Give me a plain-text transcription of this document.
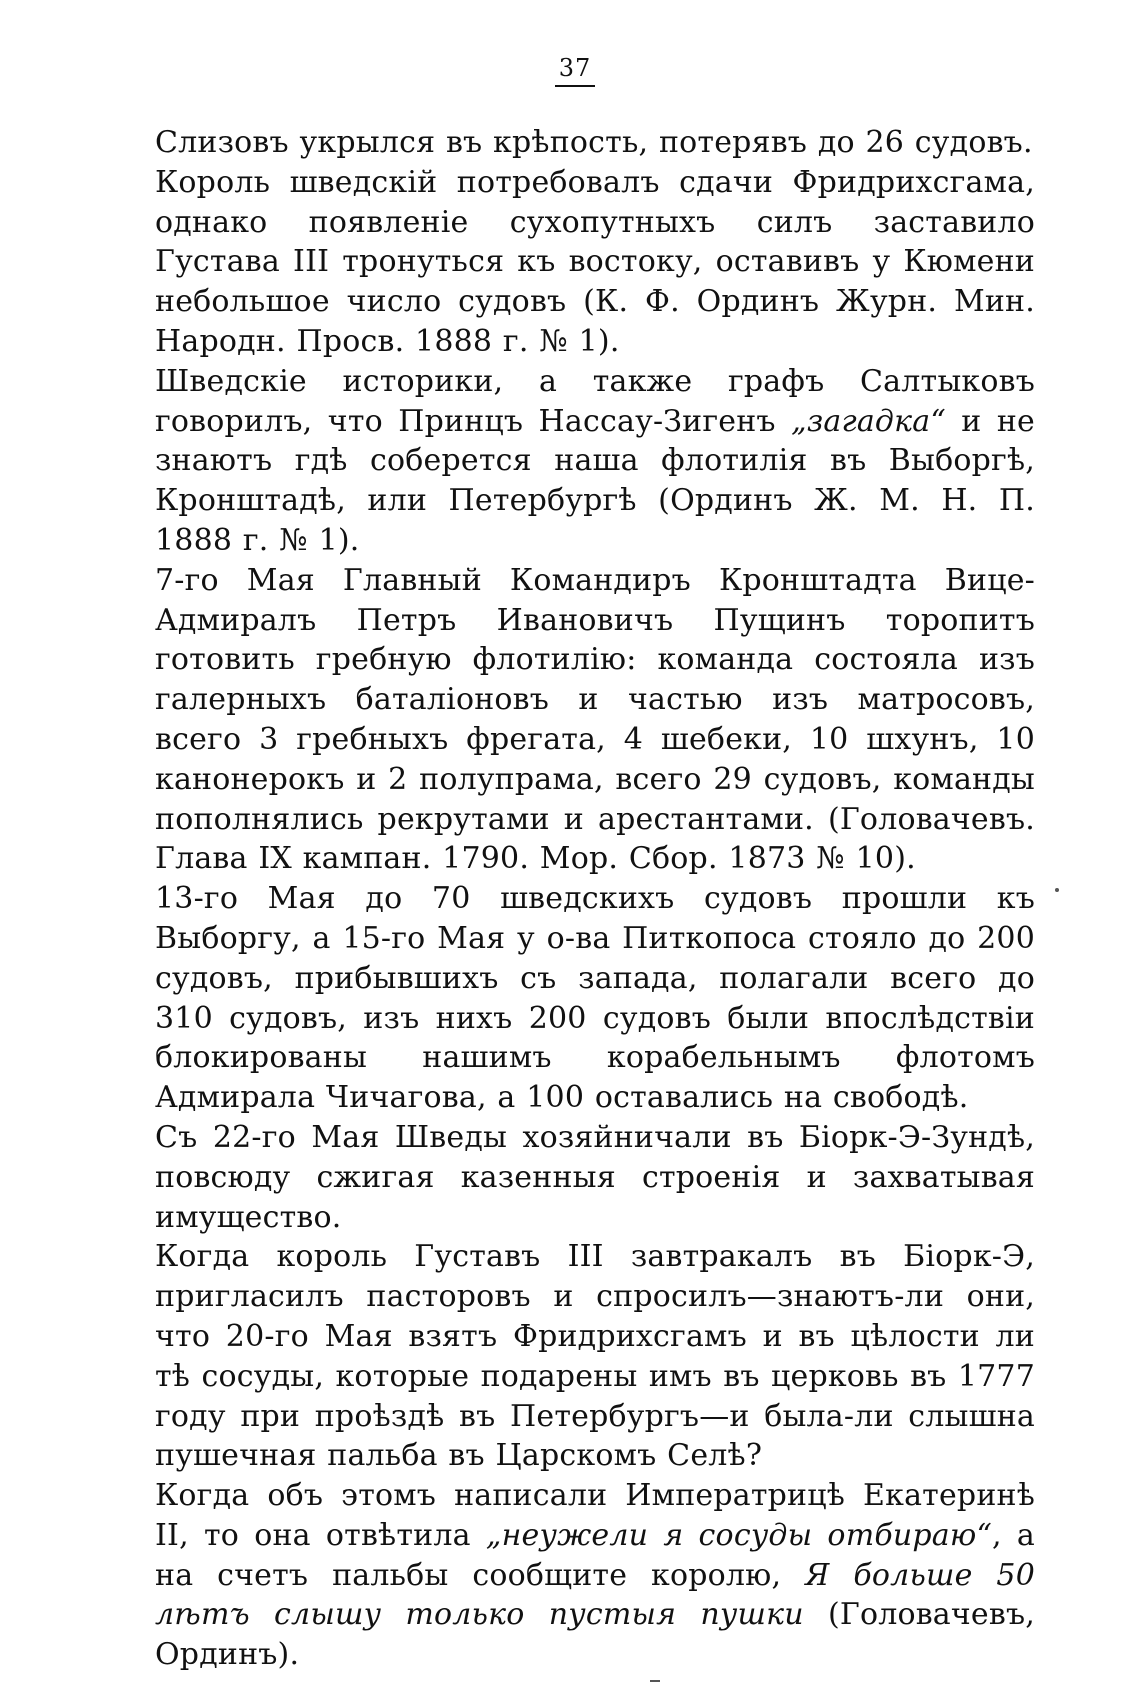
37

Слизовъ укрылся въ крѣпость, потерявъ до 26 судовъ.

Король шведскій потребовалъ сдачи Фридрихсгама, однако появленіе сухопутныхъ силъ заставило Густава III тронуться къ востоку, оставивъ у Кюмени небольшое число судовъ (К. Ф. Ординъ Журн. Мин. Народн. Просв. 1888 г. № 1).

Шведскіе историки, а также графъ Салтыковъ говорилъ, что Принцъ Нассау-Зигенъ „загадка“ и не знаютъ гдѣ соберется наша флотилія въ Выборгѣ, Кронштадѣ, или Петербургѣ (Ординъ Ж. М. Н. П. 1888 г. № 1).

7-го Мая Главный Командиръ Кронштадта Вице-Адмиралъ Петръ Ивановичъ Пущинъ торопитъ готовить гребную флотилію: команда состояла изъ галерныхъ баталіоновъ и частью изъ матросовъ, всего 3 гребныхъ фрегата, 4 шебеки, 10 шхунъ, 10 канонерокъ и 2 полупрама, всего 29 судовъ, команды пополнялись рекрутами и арестантами. (Головачевъ. Глава IX кампан. 1790. Мор. Сбор. 1873 № 10).

13-го Мая до 70 шведскихъ судовъ прошли къ Выборгу, а 15-го Мая у о-ва Питкопоса стояло до 200 судовъ, прибывшихъ съ запада, полагали всего до 310 судовъ, изъ нихъ 200 судовъ были впослѣдствіи блокированы нашимъ корабельнымъ флотомъ Адмирала Чичагова, а 100 оставались на свободѣ.

Съ 22-го Мая Шведы хозяйничали въ Біорк-Э-Зундѣ, повсюду сжигая казенныя строенія и захватывая имущество.

Когда король Густавъ III завтракалъ въ Біорк-Э, пригласилъ пасторовъ и спросилъ—знаютъ-ли они, что 20-го Мая взятъ Фридрихсгамъ и въ цѣлости ли тѣ сосуды, которые подарены имъ въ церковь въ 1777 году при проѣздѣ въ Петербургъ—и была-ли слышна пушечная пальба въ Царскомъ Селѣ?

Когда объ этомъ написали Императрицѣ Екатеринѣ II, то она отвѣтила „неужели я сосуды отбираю“, а на счетъ пальбы сообщите королю, Я больше 50 лѣтъ слышу только пустыя пушки (Головачевъ, Ординъ).
